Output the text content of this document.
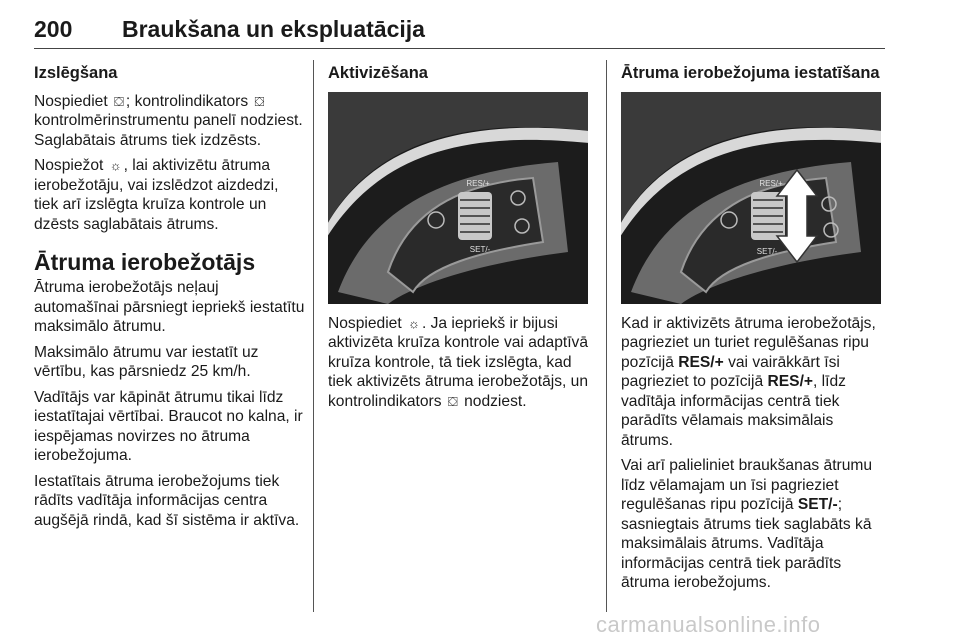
200 Braukšana un ekspluatācija
Izslēgšana

Nospiediet ⛋ ; kontrolindikators ⛋ kontrolmērinstrumentu panelī nodziest. Saglabātais ātrums tiek izdzēsts.

Nospiežot ☼ , lai aktivizētu ātruma ierobežotāju, vai izslēdzot aizdedzi, tiek arī izslēgta kruīza kontrole un dzēsts saglabātais ātrums.

Ātruma ierobežotājs

Ātruma ierobežotājs neļauj automašīnai pārsniegt iepriekš iestatītu maksimālo ātrumu.

Maksimālo ātrumu var iestatīt uz vērtību, kas pārsniedz 25 km/h.

Vadītājs var kāpināt ātrumu tikai līdz iestatītajai vērtībai. Braucot no kalna, ir iespējamas novirzes no ātruma ierobežojuma.

Iestatītais ātruma ierobežojums tiek rādīts vadītāja informācijas centra augšējā rindā, kad šī sistēma ir aktīva.

Aktivizēšana
RES/+
SET/-

Nospiediet ☼ . Ja iepriekš ir bijusi aktivizēta kruīza kontrole vai adaptīvā kruīza kontrole, tā tiek izslēgta, kad tiek aktivizēts ātruma ierobežotājs, un kontrolindikators ⛋ nodziest.

Ātruma ierobežojuma iestatīšana
RES/+
SET/-

Kad ir aktivizēts ātruma ierobežotājs, pagrieziet un turiet regulēšanas ripu pozīcijā RES/+ vai vairākkārt īsi pagrieziet to pozīcijā RES/+, līdz vadītāja informācijas centrā tiek parādīts vēlamais maksimālais ātrums.

Vai arī palieliniet braukšanas ātrumu līdz vēlamajam un īsi pagrieziet regulēšanas ripu pozīcijā SET/-; sasniegtais ātrums tiek saglabāts kā maksimālais ātrums. Vadītāja informācijas centrā tiek parādīts ātruma ierobežojums.

carmanualsonline.info
